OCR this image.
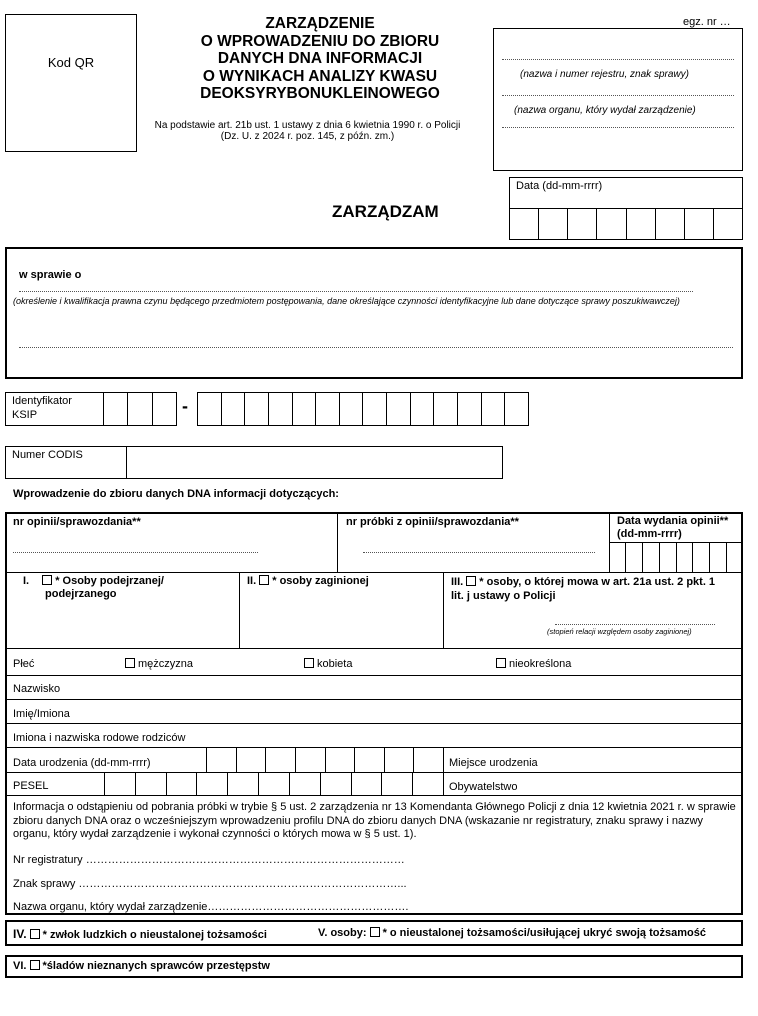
Kod QR
ZARZĄDZENIE
O WPROWADZENIU DO ZBIORU
DANYCH DNA INFORMACJI
O WYNIKACH ANALIZY KWASU
DEOKSYRYBONUKLEINOWEGO
Na podstawie art. 21b ust. 1 ustawy z dnia 6 kwietnia 1990 r. o Policji
(Dz. U. z 2024 r. poz. 145, z późn. zm.)
egz. nr …
(nazwa i numer rejestru, znak sprawy)
(nazwa organu, który wydał zarządzenie)
Data (dd-mm-rrrr)
ZARZĄDZAM
w sprawie o
(określenie i kwalifikacja prawna czynu będącego przedmiotem postępowania, dane określające czynności identyfikacyjne lub dane dotyczące sprawy poszukiwawczej)
Identyfikator
KSIP	-
Numer CODIS
Wprowadzenie do zbioru danych DNA informacji dotyczących:
nr opinii/sprawozdania**	nr próbki z opinii/sprawozdania**	Data wydania opinii**
(dd-mm-rrrr)
I. * Osoby podejrzanej/
podejrzanego
II. * osoby zaginionej	III. * osoby, o której mowa w art. 21a ust. 2 pkt. 1
lit. j ustawy o Policji
(stopień relacji względem osoby zaginionej)
Płeć	mężczyzna	kobieta	nieokreślona
Nazwisko
Imię/Imiona
Imiona i nazwiska rodowe rodziców
Data urodzenia (dd-mm-rrrr)	Miejsce urodzenia
PESEL	Obywatelstwo
Informacja o odstąpieniu od pobrania próbki w trybie § 5 ust. 2 zarządzenia nr 13 Komendanta Głównego Policji z dnia 12 kwietnia 2021 r. w sprawie zbioru danych DNA oraz o wcześniejszym wprowadzeniu profilu DNA do zbioru danych DNA (wskazanie nr registratury, znaku sprawy i nazwy organu, który wydał zarządzenie i wykonał czynności o których mowa w § 5 ust. 1).
Nr registratury ……………………………………………………………………………
Znak sprawy ……………………………………………………………………………...
Nazwa organu, który wydał zarządzenie……………………………………………….
IV. * zwłok ludzkich o nieustalonej tożsamości	V. osoby: * o nieustalonej tożsamości/usiłującej ukryć swoją tożsamość
VI. *śladów nieznanych sprawców przestępstw
